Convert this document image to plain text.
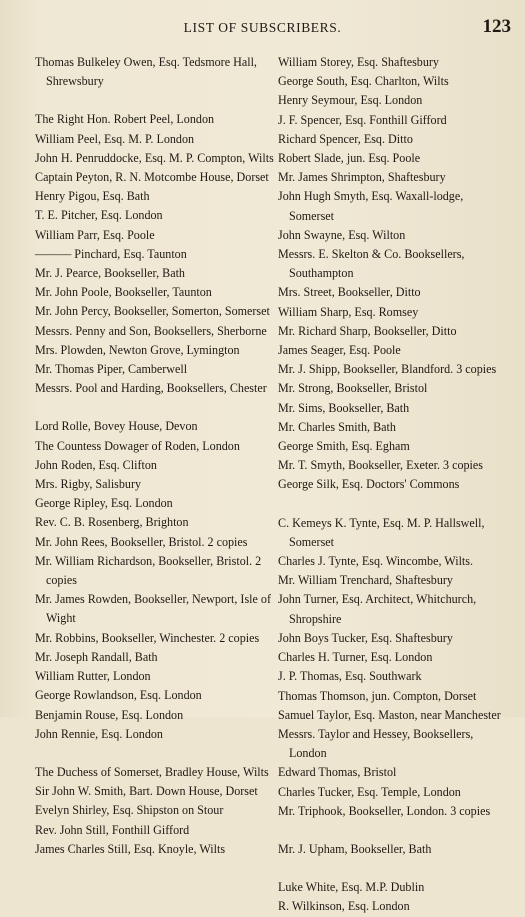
LIST OF SUBSCRIBERS.	123
Thomas Bulkeley Owen, Esq. Tedsmore Hall, Shrewsbury
The Right Hon. Robert Peel, London
William Peel, Esq. M. P. London
John H. Penruddocke, Esq. M. P. Compton, Wilts
Captain Peyton, R. N. Motcombe House, Dorset
Henry Pigou, Esq. Bath
T. E. Pitcher, Esq. London
William Parr, Esq. Poole
——— Pinchard, Esq. Taunton
Mr. J. Pearce, Bookseller, Bath
Mr. John Poole, Bookseller, Taunton
Mr. John Percy, Bookseller, Somerton, Somerset
Messrs. Penny and Son, Booksellers, Sherborne
Mrs. Plowden, Newton Grove, Lymington
Mr. Thomas Piper, Camberwell
Messrs. Pool and Harding, Booksellers, Chester
Lord Rolle, Bovey House, Devon
The Countess Dowager of Roden, London
John Roden, Esq. Clifton
Mrs. Rigby, Salisbury
George Ripley, Esq. London
Rev. C. B. Rosenberg, Brighton
Mr. John Rees, Bookseller, Bristol. 2 copies
Mr. William Richardson, Bookseller, Bristol. 2 copies
Mr. James Rowden, Bookseller, Newport, Isle of Wight
Mr. Robbins, Bookseller, Winchester. 2 copies
Mr. Joseph Randall, Bath
William Rutter, London
George Rowlandson, Esq. London
Benjamin Rouse, Esq. London
John Rennie, Esq. London
The Duchess of Somerset, Bradley House, Wilts
Sir John W. Smith, Bart. Down House, Dorset
Evelyn Shirley, Esq. Shipston on Stour
Rev. John Still, Fonthill Gifford
James Charles Still, Esq. Knoyle, Wilts
William Storey, Esq. Shaftesbury
George South, Esq. Charlton, Wilts
Henry Seymour, Esq. London
J. F. Spencer, Esq. Fonthill Gifford
Richard Spencer, Esq. Ditto
Robert Slade, jun. Esq. Poole
Mr. James Shrimpton, Shaftesbury
John Hugh Smyth, Esq. Waxall-lodge, Somerset
John Swayne, Esq. Wilton
Messrs. E. Skelton & Co. Booksellers, Southampton
Mrs. Street, Bookseller, Ditto
William Sharp, Esq. Romsey
Mr. Richard Sharp, Bookseller, Ditto
James Seager, Esq. Poole
Mr. J. Shipp, Bookseller, Blandford. 3 copies
Mr. Strong, Bookseller, Bristol
Mr. Sims, Bookseller, Bath
Mr. Charles Smith, Bath
George Smith, Esq. Egham
Mr. T. Smyth, Bookseller, Exeter. 3 copies
George Silk, Esq. Doctors' Commons
C. Kemeys K. Tynte, Esq. M. P. Hallswell, Somerset
Charles J. Tynte, Esq. Wincombe, Wilts.
Mr. William Trenchard, Shaftesbury
John Turner, Esq. Architect, Whitchurch, Shropshire
John Boys Tucker, Esq. Shaftesbury
Charles H. Turner, Esq. London
J. P. Thomas, Esq. Southwark
Thomas Thomson, jun. Compton, Dorset
Samuel Taylor, Esq. Maston, near Manchester
Messrs. Taylor and Hessey, Booksellers, London
Edward Thomas, Bristol
Charles Tucker, Esq. Temple, London
Mr. Triphook, Bookseller, London. 3 copies
Mr. J. Upham, Bookseller, Bath
Luke White, Esq. M.P. Dublin
R. Wilkinson, Esq. London
